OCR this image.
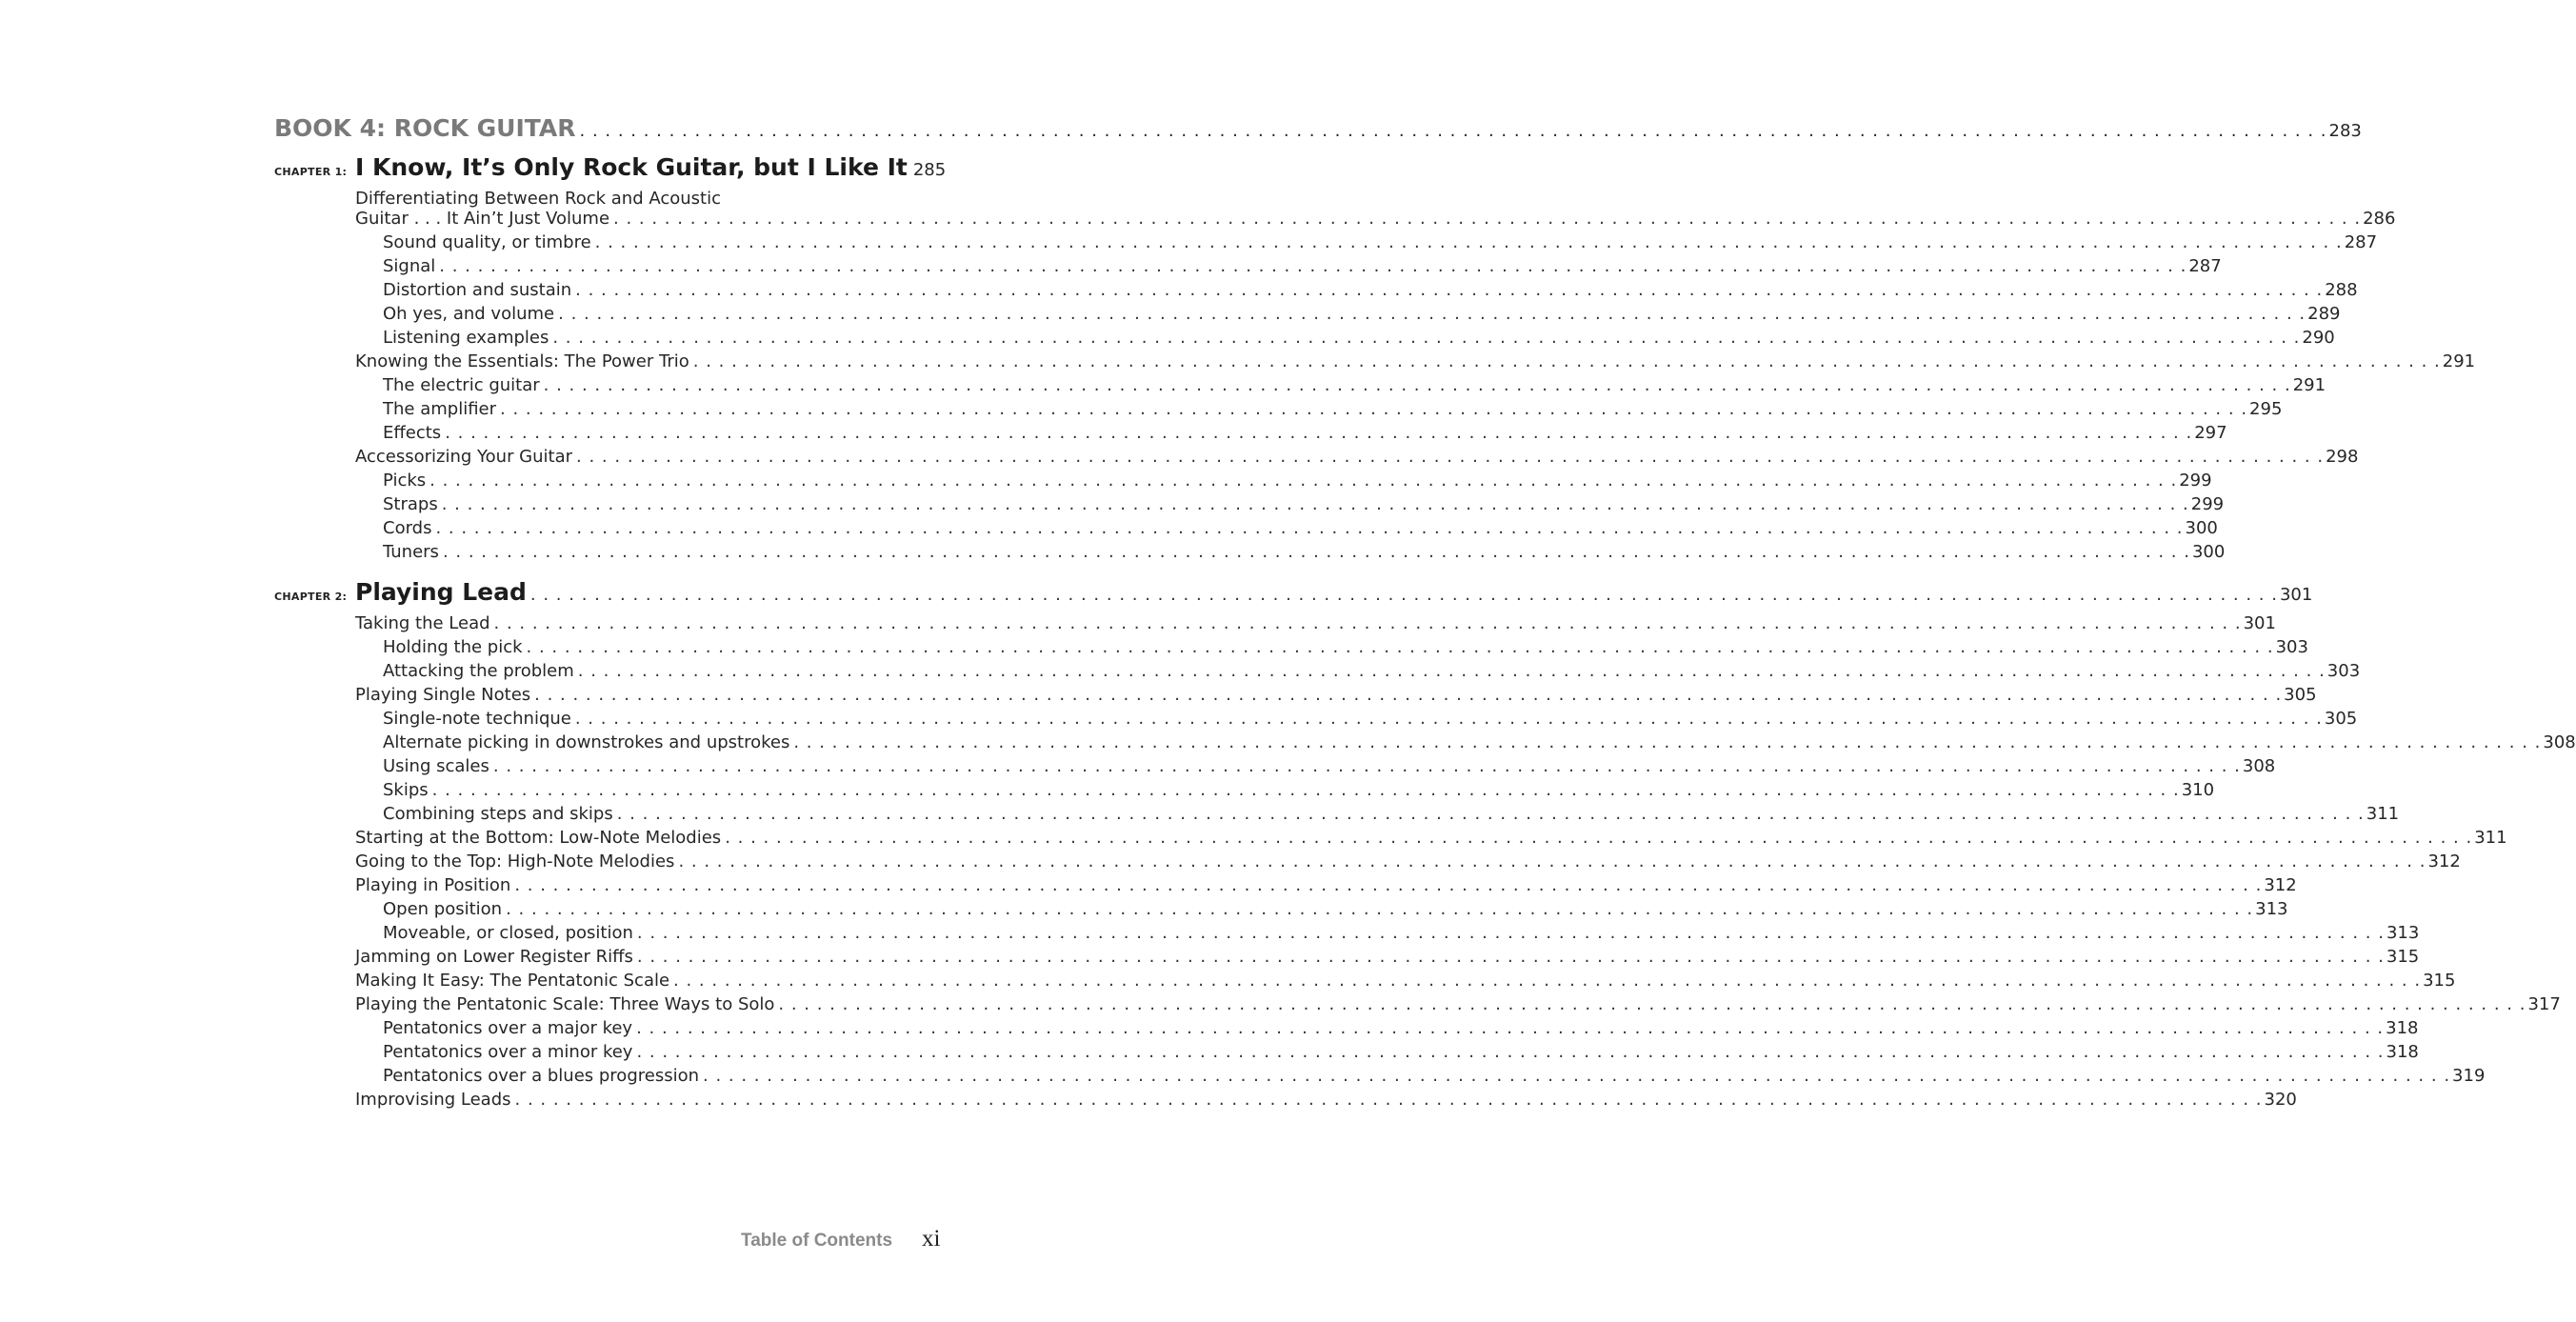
BOOK 4: ROCK GUITAR . . .	283
CHAPTER 1: I Know, It’s Only Rock Guitar, but I Like It 285
Differentiating Between Rock and Acoustic
Guitar . . . It Ain’t Just Volume . . .	286
Sound quality, or timbre . . .	287
Signal . . .	287
Distortion and sustain . . .	288
Oh yes, and volume . . .	289
Listening examples . . .	290
Knowing the Essentials: The Power Trio . . .	291
The electric guitar . . .	291
The amplifier . . .	295
Effects . . .	297
Accessorizing Your Guitar . . .	298
Picks . . .	299
Straps . . .	299
Cords . . .	300
Tuners . . .	300
CHAPTER 2: Playing Lead . . .	301
Taking the Lead . . .	301
Holding the pick . . .	303
Attacking the problem . . .	303
Playing Single Notes . . .	305
Single-note technique . . .	305
Alternate picking in downstrokes and upstrokes . . .	308
Using scales . . .	308
Skips . . .	310
Combining steps and skips . . .	311
Starting at the Bottom: Low-Note Melodies . . .	311
Going to the Top: High-Note Melodies . . .	312
Playing in Position . . .	312
Open position . . .	313
Moveable, or closed, position . . .	313
Jamming on Lower Register Riffs . . .	315
Making It Easy: The Pentatonic Scale . . .	315
Playing the Pentatonic Scale: Three Ways to Solo . . .	317
Pentatonics over a major key . . .	318
Pentatonics over a minor key . . .	318
Pentatonics over a blues progression . . .	319
Improvising Leads . . .	320
Table of Contents xi
